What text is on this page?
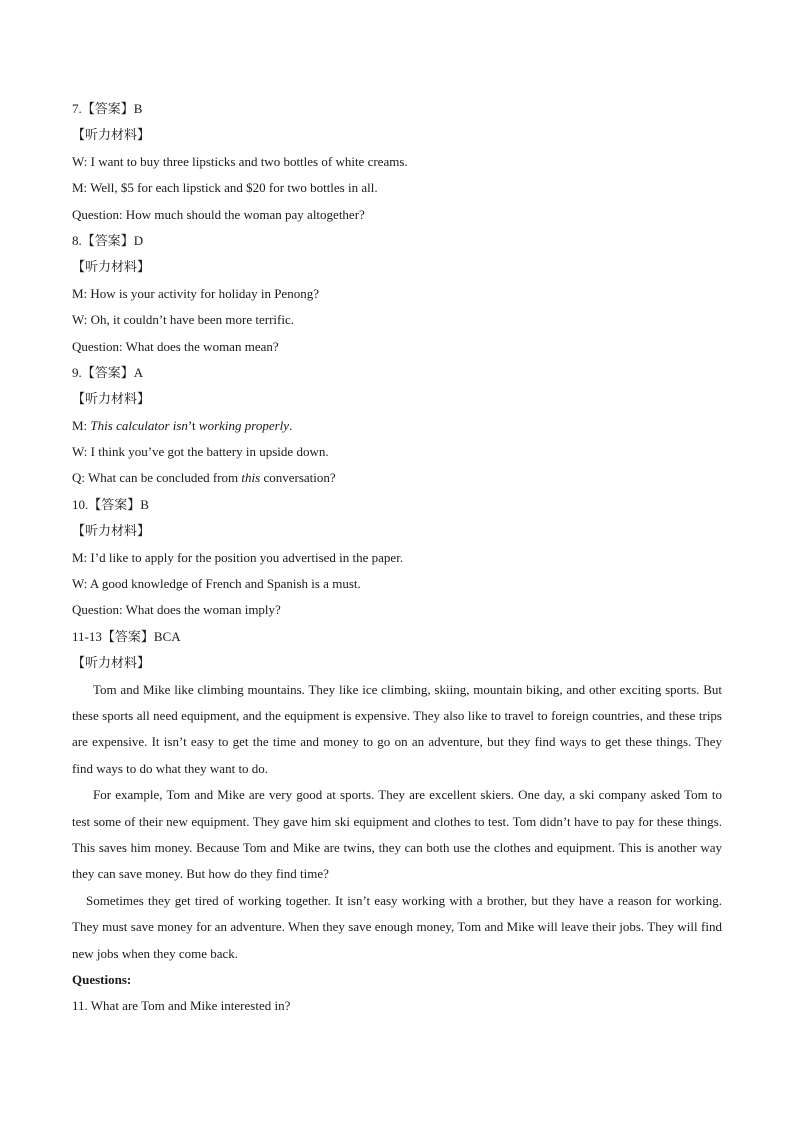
7.【答案】B
【听力材料】
W: I want to buy three lipsticks and two bottles of white creams.
M: Well, $5 for each lipstick and $20 for two bottles in all.
Question: How much should the woman pay altogether?
8.【答案】D
【听力材料】
M: How is your activity for holiday in Penong?
W: Oh, it couldn’t have been more terrific.
Question: What does the woman mean?
9.【答案】A
【听力材料】
M: This calculator isn’t working properly.
W: I think you’ve got the battery in upside down.
Q: What can be concluded from this conversation?
10.【答案】B
【听力材料】
M: I’d like to apply for the position you advertised in the paper.
W: A good knowledge of French and Spanish is a must.
Question: What does the woman imply?
11-13【答案】BCA
【听力材料】
Tom and Mike like climbing mountains. They like ice climbing, skiing, mountain biking, and other exciting sports. But these sports all need equipment, and the equipment is expensive. They also like to travel to foreign countries, and these trips are expensive. It isn’t easy to get the time and money to go on an adventure, but they find ways to get these things. They find ways to do what they want to do.
For example, Tom and Mike are very good at sports. They are excellent skiers. One day, a ski company asked Tom to test some of their new equipment. They gave him ski equipment and clothes to test. Tom didn’t have to pay for these things. This saves him money. Because Tom and Mike are twins, they can both use the clothes and equipment. This is another way they can save money. But how do they find time?
Sometimes they get tired of working together. It isn’t easy working with a brother, but they have a reason for working. They must save money for an adventure. When they save enough money, Tom and Mike will leave their jobs. They will find new jobs when they come back.
Questions:
11. What are Tom and Mike interested in?
